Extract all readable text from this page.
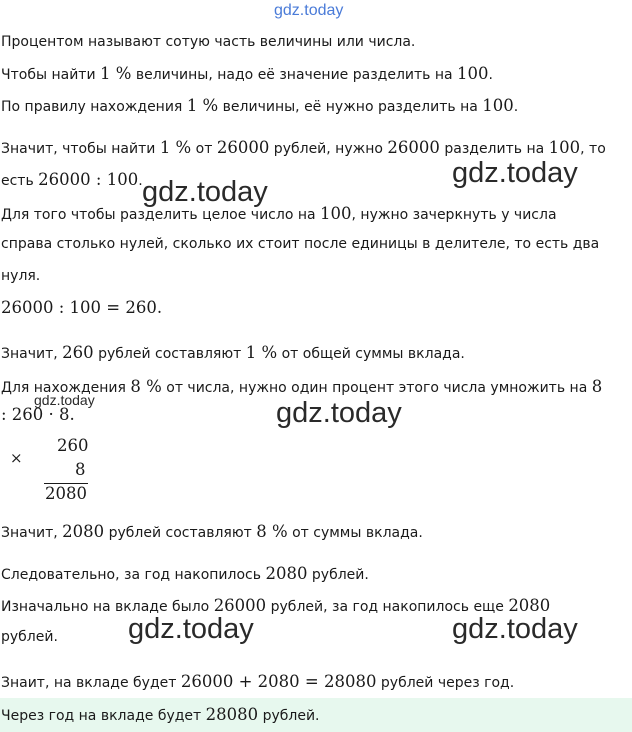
gdz.today
Процентом называют сотую часть величины или числа.
Чтобы найти 1 % величины, надо её значение разделить на 100.
По правилу нахождения 1 % величины, её нужно разделить на 100.
Значит, чтобы найти 1 % от 26000 рублей, нужно 26000 разделить на 100, то
есть 26000 : 100.
Для того чтобы разделить целое число на 100, нужно зачеркнуть у числа
справа столько нулей, сколько их стоит после единицы в делителе, то есть два
нуля.
26000 : 100 = 260.
Значит, 260 рублей составляют 1 % от общей суммы вклада.
Для нахождения 8 % от числа, нужно один процент этого числа умножить на 8
: 260 · 8.
×
260
8
2080
Значит, 2080 рублей составляют 8 % от суммы вклада.
Следовательно, за год накопилось 2080 рублей.
Изначально на вкладе было 26000 рублей, за год накопилось еще 2080
рублей.
Знаит, на вкладе будет 26000 + 2080 = 28080 рублей через год.
Через год на вкладе будет 28080 рублей.
gdz.today
gdz.today
gdz.today	gdz.today
gdz.today	gdz.today
